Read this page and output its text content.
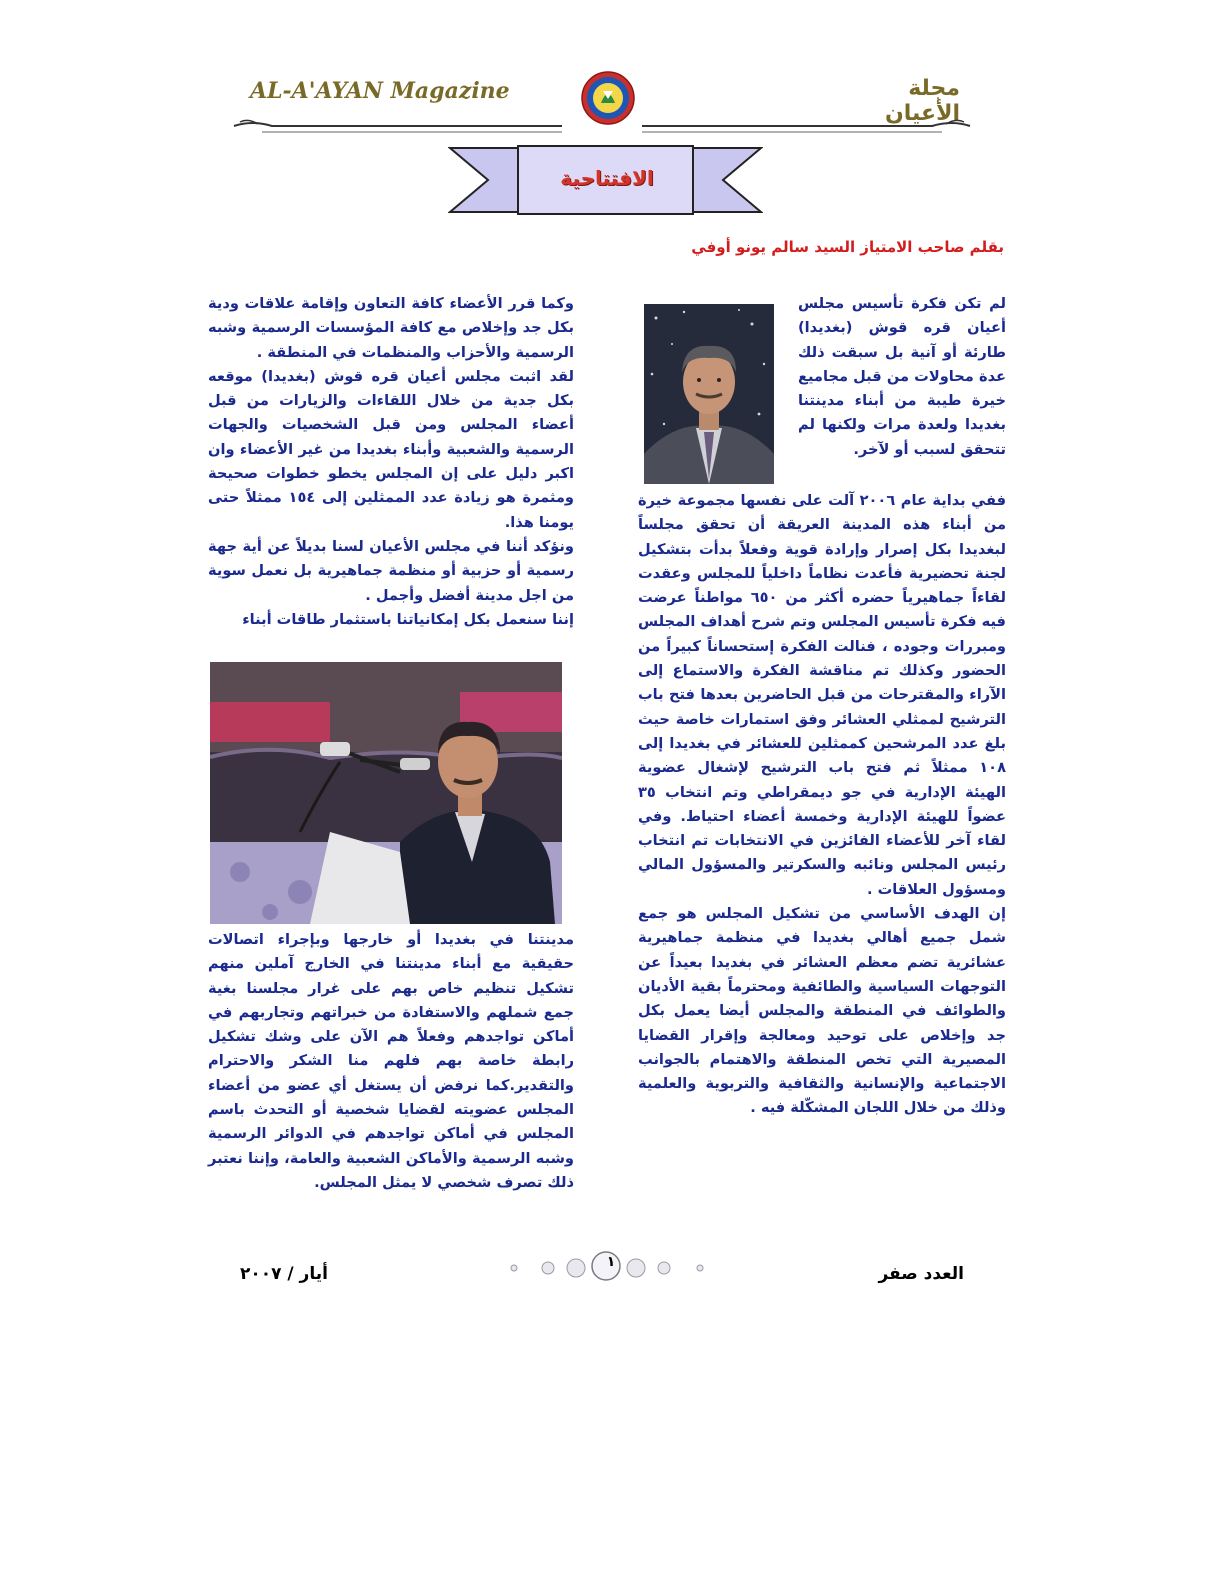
AL-A'AYAN Magazine	مجلة الأعيان
الافتتاحية
بقلم صاحب الامتياز السيد سالم يونو أوفي

لم تكن فكرة تأسيس مجلس أعيان قره قوش (بغديدا) طارئة أو آنية بل سبقت ذلك عدة محاولات من قبل مجاميع خيرة طيبة من أبناء مدينتنا بغديدا ولعدة مرات ولكنها لم تتحقق لسبب أو لآخر.

ففي بداية عام ٢٠٠٦ آلت على نفسها مجموعة خيرة من أبناء هذه المدينة العريقة أن تحقق مجلساً لبغديدا بكل إصرار وإرادة قوية وفعلاً بدأت بتشكيل لجنة تحضيرية فأعدت نظاماً داخلياً للمجلس وعقدت لقاءاً جماهيرياً حضره أكثر من ٦٥٠ مواطناً عرضت فيه فكرة تأسيس المجلس وتم شرح أهداف المجلس ومبررات وجوده ، فنالت الفكرة إستحساناً كبيراً من الحضور وكذلك تم مناقشة الفكرة والاستماع إلى الآراء والمقترحات من قبل الحاضرين بعدها فتح باب الترشيح لممثلي العشائر وفق استمارات خاصة حيث بلغ عدد المرشحين كممثلين للعشائر في بغديدا إلى ١٠٨ ممثلاً ثم فتح باب الترشيح لإشغال عضوية الهيئة الإدارية في جو ديمقراطي وتم انتخاب ٣٥ عضواً للهيئة الإدارية وخمسة أعضاء احتياط. وفي لقاء آخر للأعضاء الفائزين في الانتخابات تم انتخاب رئيس المجلس ونائبه والسكرتير والمسؤول المالي ومسؤول العلاقات .

إن الهدف الأساسي من تشكيل المجلس هو جمع شمل جميع أهالي بغديدا في منظمة جماهيرية عشائرية تضم معظم العشائر في بغديدا بعيداً عن التوجهات السياسية والطائفية ومحترماً بقية الأديان والطوائف في المنطقة والمجلس أيضا يعمل بكل جد وإخلاص على توحيد ومعالجة وإقرار القضايا المصيرية التي تخص المنطقة والاهتمام بالجوانب الاجتماعية والإنسانية والثقافية والتربوية والعلمية وذلك من خلال اللجان المشكّلة فيه .

وكما قرر الأعضاء كافة التعاون وإقامة علاقات ودية بكل جد وإخلاص مع كافة المؤسسات الرسمية وشبه الرسمية والأحزاب والمنظمات في المنطقة .

لقد اثبت مجلس أعيان قره قوش (بغديدا) موقعه بكل جدية من خلال اللقاءات والزيارات من قبل أعضاء المجلس ومن قبل الشخصيات والجهات الرسمية والشعبية وأبناء بغديدا من غير الأعضاء وان اكبر دليل على إن المجلس يخطو خطوات صحيحة ومثمرة هو زيادة عدد الممثلين إلى ١٥٤ ممثلاً حتى يومنا هذا.

ونؤكد أننا في مجلس الأعيان لسنا بديلاً عن أية جهة رسمية أو حزبية أو منظمة جماهيرية بل نعمل سوية من اجل مدينة أفضل وأجمل .

إننا سنعمل بكل إمكانياتنا باستثمار طاقات أبناء

مدينتنا في بغديدا أو خارجها وبإجراء اتصالات حقيقية مع أبناء مدينتنا في الخارج آملين منهم تشكيل تنظيم خاص بهم على غرار مجلسنا بغية جمع شملهم والاستفادة من خبراتهم وتجاربهم في أماكن تواجدهم وفعلاً هم الآن على وشك تشكيل رابطة خاصة بهم فلهم منا الشكر والاحترام والتقدير.كما نرفض أن يستغل أي عضو من أعضاء المجلس عضويته لقضايا شخصية أو التحدث باسم المجلس في أماكن تواجدهم في الدوائر الرسمية وشبه الرسمية والأماكن الشعبية والعامة، وإننا نعتبر ذلك تصرف شخصي لا يمثل المجلس.

العدد صفر
١
أيار / ٢٠٠٧
